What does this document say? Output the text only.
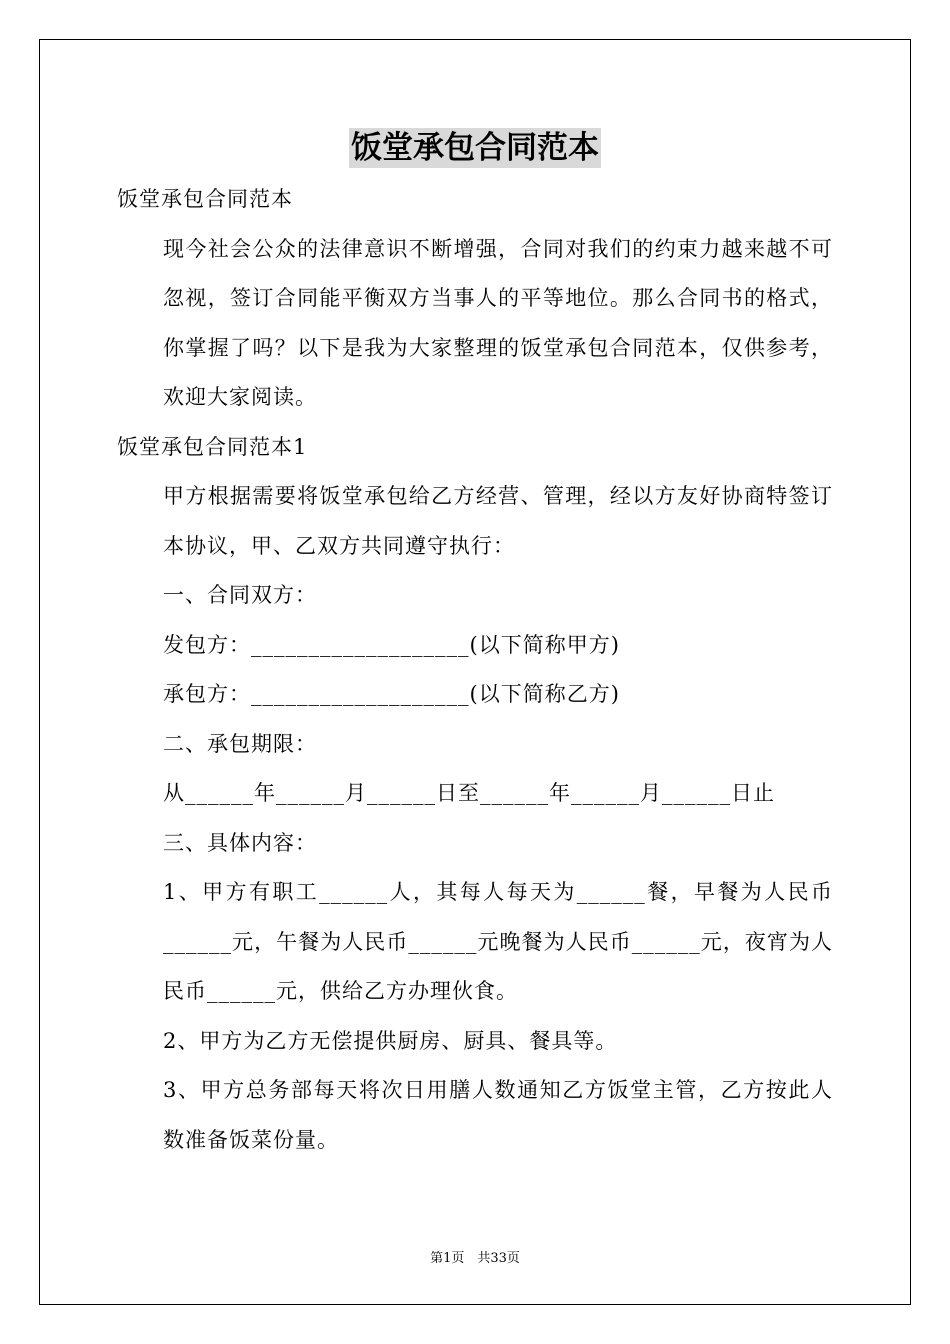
饭堂承包合同范本

饭堂承包合同范本

现今社会公众的法律意识不断增强，合同对我们的约束力越来越不可忽视，签订合同能平衡双方当事人的平等地位。那么合同书的格式，你掌握了吗？以下是我为大家整理的饭堂承包合同范本，仅供参考，欢迎大家阅读。

饭堂承包合同范本1

甲方根据需要将饭堂承包给乙方经营、管理，经以方友好协商特签订本协议，甲、乙双方共同遵守执行：

一、合同双方：

发包方：___________________(以下简称甲方)

承包方：___________________(以下简称乙方)

二、承包期限：

从______年______月______日至______年______月______日止

三、具体内容：

1、甲方有职工______人，其每人每天为______餐，早餐为人民币______元，午餐为人民币______元晚餐为人民币______元，夜宵为人民币______元，供给乙方办理伙食。

2、甲方为乙方无偿提供厨房、厨具、餐具等。

3、甲方总务部每天将次日用膳人数通知乙方饭堂主管，乙方按此人数准备饭菜份量。

第1页　共33页
